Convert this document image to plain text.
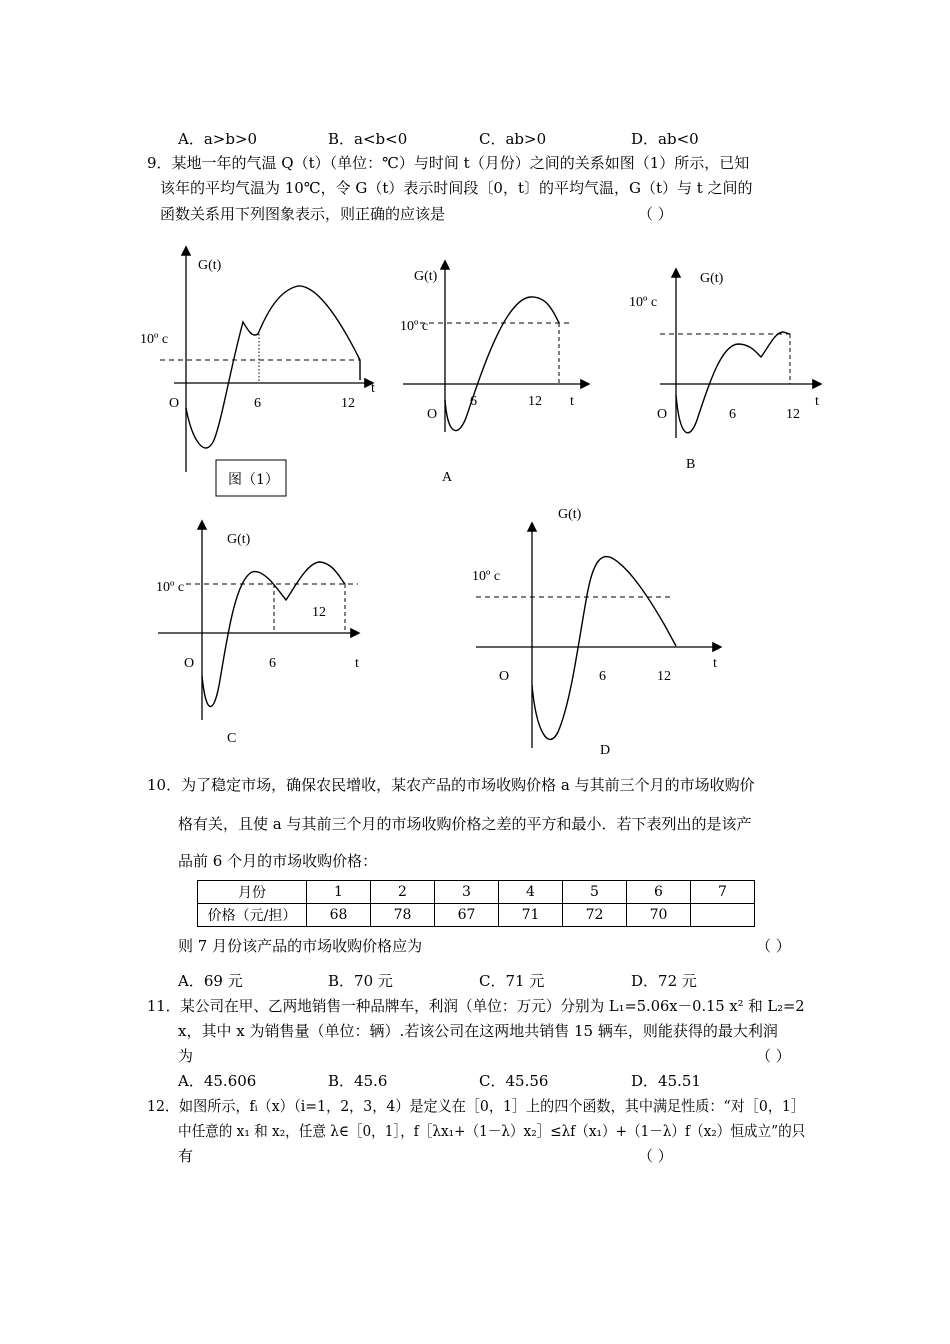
A．a>b>0	B．a<b<0	C．ab>0	D．ab<0
9．某地一年的气温 Q（t）（单位：℃）与时间 t（月份）之间的关系如图（1）所示，已知
该年的平均气温为 10℃，令 G（t）表示时间段〔0，t〕的平均气温，G（t）与 t 之间的
函数关系用下列图象表示，则正确的应该是	（ ）
G(t)
10º c
O	6	12
t
图（1）
G(t)
10º c
O
6	12 t
A
G(t)
10º c
O	6	12
t
B
G(t)
10º c
O	6
12
t
C
G(t)
10º c
O	6	12
t
D
10．为了稳定市场，确保农民增收，某农产品的市场收购价格 a 与其前三个月的市场收购价
格有关，且使 a 与其前三个月的市场收购价格之差的平方和最小．若下表列出的是该产
品前 6 个月的市场收购价格：
月份	1	2	3	4	5	6	7
价格（元/担）	68	78	67	71	72	70	
则 7 月份该产品的市场收购价格应为	（ ）
A．69 元	B．70 元	C．71 元	D．72 元
11．某公司在甲、乙两地销售一种品牌车，利润（单位：万元）分别为 L₁=5.06x－0.15 x² 和 L₂=2
x，其中 x 为销售量（单位：辆）.若该公司在这两地共销售 15 辆车，则能获得的最大利润
为	（ ）
A．45.606	B．45.6	C．45.56	D．45.51
12．如图所示，fᵢ（x）（i=1，2，3，4）是定义在［0，1］上的四个函数，其中满足性质：“对［0，1］
中任意的 x₁ 和 x₂，任意 λ∈［0，1］，f［λx₁+（1－λ）x₂］≤λf（x₁）+（1－λ）f（x₂）恒成立”的只
有	（ ）
